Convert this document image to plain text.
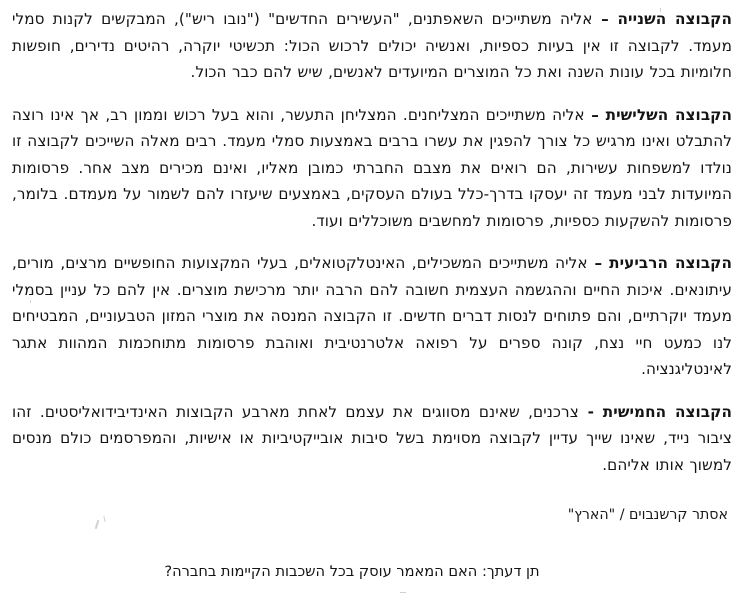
הקבוצה השנייה – אליה משתייכים השאפתנים, "העשירים החדשים" ("נובו ריש"), המבקשים לקנות סמלי מעמד. לקבוצה זו אין בעיות כספיות, ואנשיה יכולים לרכוש הכול: תכשיטי יוקרה, רהיטים נדירים, חופשות חלומיות בכל עונות השנה ואת כל המוצרים המיועדים לאנשים, שיש להם כבר הכול.

הקבוצה השלישית – אליה משתייכים המצליחנים. המצליחן התעשר, והוא בעל רכוש וממון רב, אך אינו רוצה להתבלט ואינו מרגיש כל צורך להפגין את עשרו ברבים באמצעות סמלי מעמד. רבים מאלה השייכים לקבוצה זו נולדו למשפחות עשירות, הם רואים את מצבם החברתי כמובן מאליו, ואינם מכירים מצב אחר. פרסומות המיועדות לבני מעמד זה יעסקו בדרך-כלל בעולם העסקים, באמצעים שיעזרו להם לשמור על מעמדם. בלומר, פרסומות להשקעות כספיות, פרסומות למחשבים משוכללים ועוד.

הקבוצה הרביעית – אליה משתייכים המשכילים, האינטלקטואלים, בעלי המקצועות החופשיים מרצים, מורים, עיתונאים. איכות החיים וההגשמה העצמית חשובה להם הרבה יותר מרכישת מוצרים. אין להם כל עניין בסמלי מעמד יוקרתיים, והם פתוחים לנסות דברים חדשים. זו הקבוצה המנסה את מוצרי המזון הטבעוניים, המבטיחים לנו כמעט חיי נצח, קונה ספרים על רפואה אלטרנטיבית ואוהבת פרסומות מתוחכמות המהוות אתגר לאינטליגנציה.

הקבוצה החמישית - צרכנים, שאינם מסווגים את עצמם לאחת מארבע הקבוצות האינדיבידואליסטים. זהו ציבור נייד, שאינו שייך עדיין לקבוצה מסוימת בשל סיבות אובייקטיביות או אישיות, והמפרסמים כולם מנסים למשוך אותו אליהם.

אסתר קרשנבוים / "הארץ"
תן דעתך: האם המאמר עוסק בכל השכבות הקיימות בחברה?
